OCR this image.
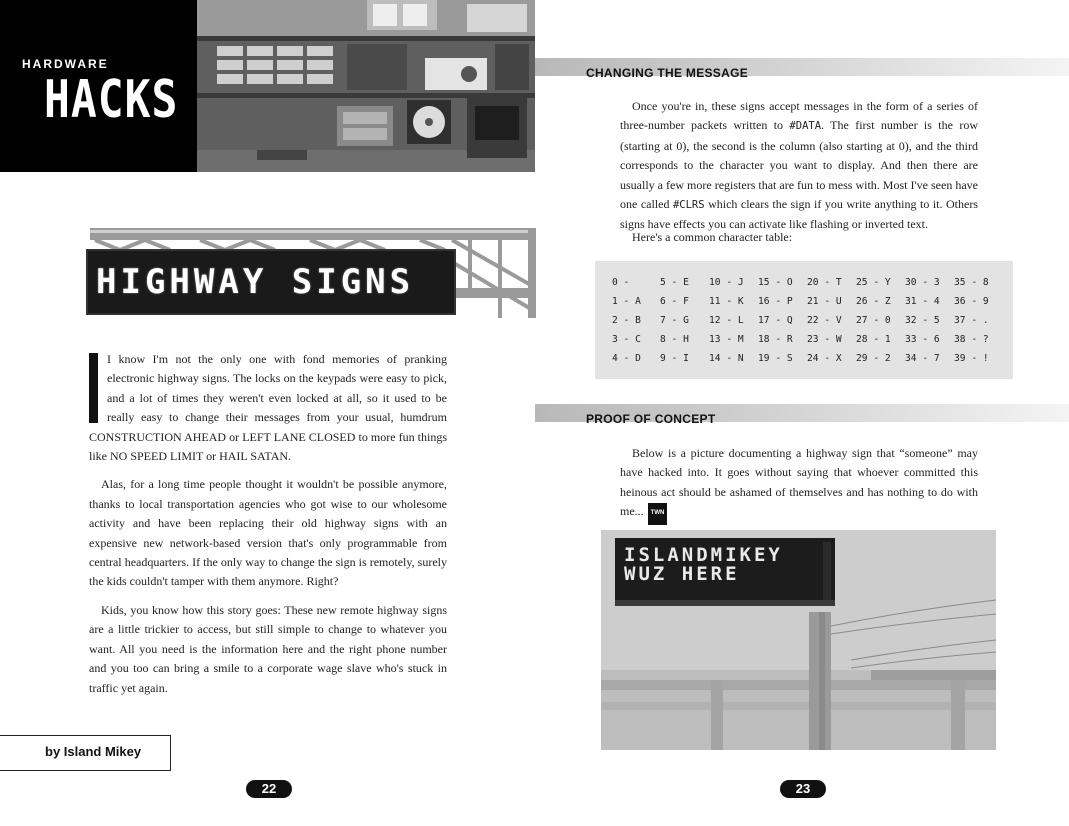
HARDWARE
HACKS
HIGHWAY SIGNS

I know I'm not the only one with fond memories of pranking electronic highway signs. The locks on the keypads were easy to pick, and a lot of times they weren't even locked at all, so it used to be really easy to change their messages from your usual, humdrum CONSTRUCTION AHEAD or LEFT LANE CLOSED to more fun things like NO SPEED LIMIT or HAIL SATAN.

Alas, for a long time people thought it wouldn't be possible anymore, thanks to local transportation agencies who got wise to our wholesome activity and have been replacing their old highway signs with an expensive new network-based version that's only programmable from central headquarters. If the only way to change the sign is remotely, surely the kids couldn't tamper with them anymore. Right?

Kids, you know how this story goes: These new remote highway signs are a little trickier to access, but still simple to change to whatever you want. All you need is the information here and the right phone number and you too can bring a smile to a corporate wage slave who's stuck in traffic yet again.

by Island Mikey
22	23
CHANGING THE MESSAGE

Once you're in, these signs accept messages in the form of a series of three-number packets written to #DATA. The first number is the row (starting at 0), the second is the column (also starting at 0), and the third corresponds to the character you want to display. And then there are usually a few more registers that are fun to mess with. Most I've seen have one called #CLRS which clears the sign if you write anything to it. Others signs have effects you can activate like flashing or inverted text.

Here's a common character table:

0 -	5 - E 10 - J 15 - O 20 - T 25 - Y 30 - 3 35 - 8
1 - A 6 - F 11 - K 16 - P 21 - U 26 - Z 31 - 4 36 - 9
2 - B 7 - G 12 - L 17 - Q 22 - V 27 - 0 32 - 5 37 - .
3 - C 8 - H 13 - M 18 - R 23 - W 28 - 1 33 - 6 38 - ?
4 - D 9 - I 14 - N 19 - S 24 - X 29 - 2 34 - 7 39 - !
PROOF OF CONCEPT

Below is a picture documenting a highway sign that “someone” may have hacked into. It goes without saying that whoever committed this heinous act should be ashamed of themselves and has nothing to do with me... TWN

ISLANDMIKEY
WUZ HERE
